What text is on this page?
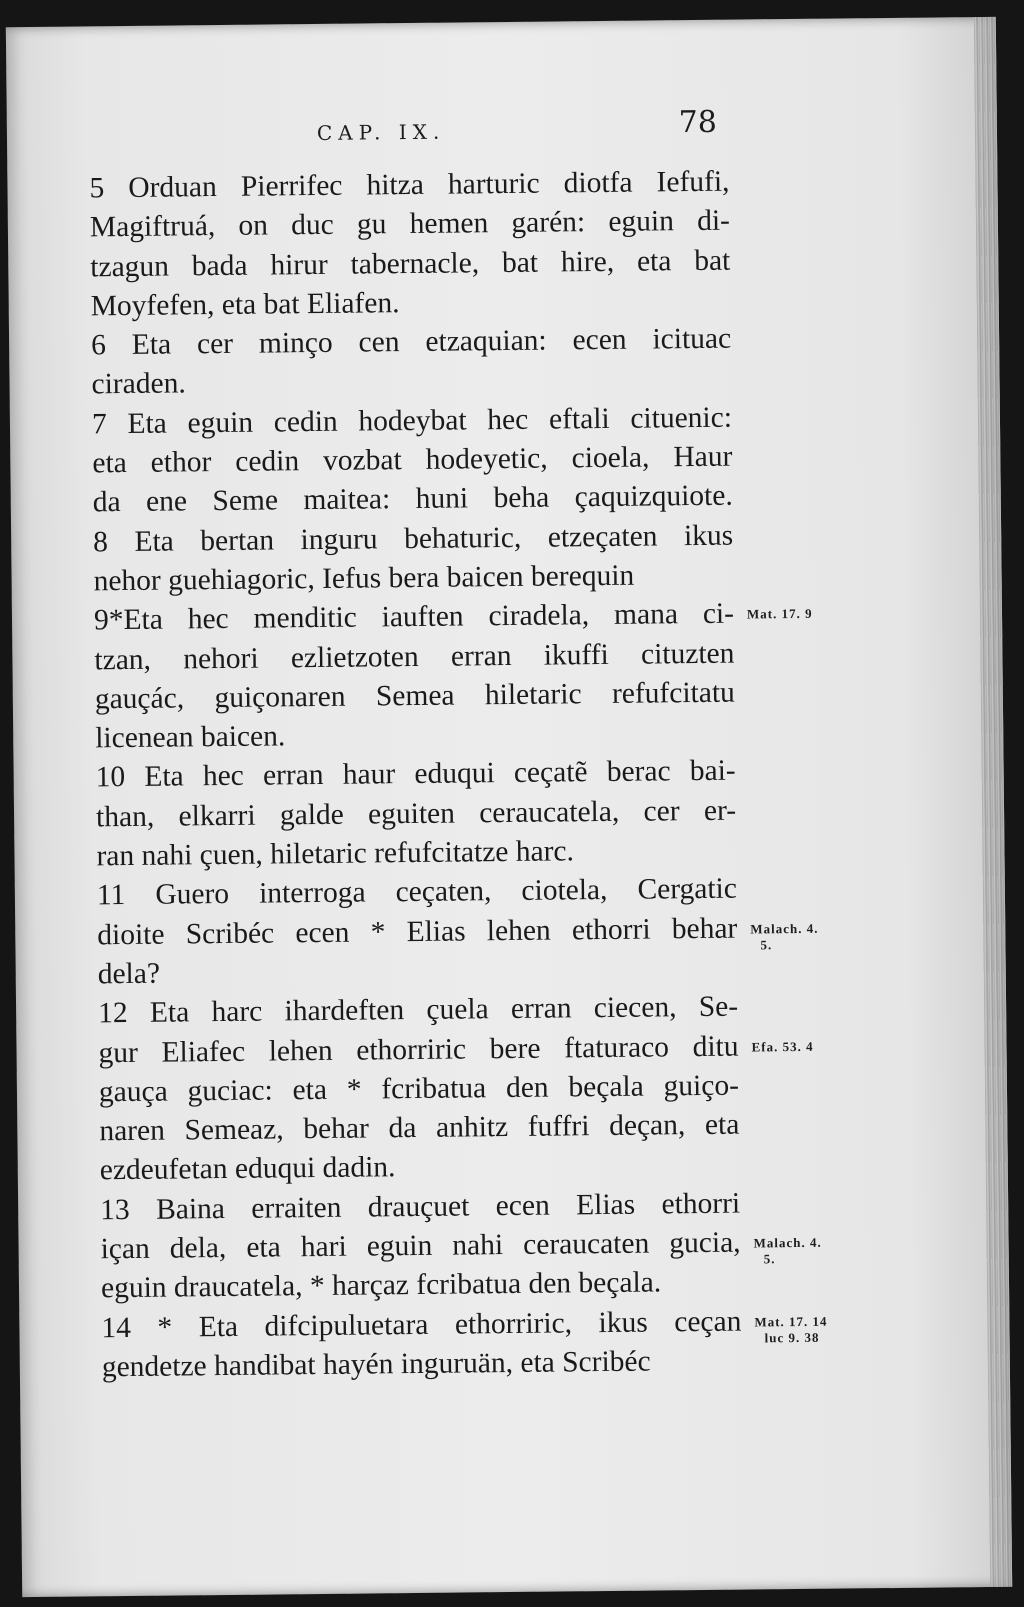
CAP. IX.	78
5 Orduan Pierrifec hitza harturic diotfa Iefufi,
Magiftruá, on duc gu hemen garén: eguin di-
tzagun bada hirur tabernacle, bat hire, eta bat
Moyfefen, eta bat Eliafen.
6 Eta cer minço cen etzaquian: ecen icituac
ciraden.
7 Eta eguin cedin hodeybat hec eftali cituenic:
eta ethor cedin vozbat hodeyetic, cioela, Haur
da ene Seme maitea: huni beha çaquizquiote.
8 Eta bertan inguru behaturic, etzeçaten ikus
nehor guehiagoric, Iefus bera baicen berequin
9*Eta hec menditic iauften ciradela, mana ci-
tzan, nehori ezlietzoten erran ikuffi cituzten
gauçác, guiçonaren Semea hiletaric refufcitatu
licenean baicen.
10 Eta hec erran haur eduqui ceçatẽ berac bai-
than, elkarri galde eguiten ceraucatela, cer er-
ran nahi çuen, hiletaric refufcitatze harc.
11 Guero interroga ceçaten, ciotela, Cergatic
dioite Scribéc ecen * Elias lehen ethorri behar
dela?
12 Eta harc ihardeften çuela erran ciecen, Se-
gur Eliafec lehen ethorriric bere ftaturaco ditu
gauça guciac: eta * fcribatua den beçala guiço-
naren Semeaz, behar da anhitz fuffri deçan, eta
ezdeufetan eduqui dadin.
13 Baina erraiten drauçuet ecen Elias ethorri
içan dela, eta hari eguin nahi ceraucaten gucia,
eguin draucatela, * harçaz fcribatua den beçala.
14 * Eta difcipuluetara ethorriric, ikus ceçan
gendetze handibat hayén inguruän, eta Scribéc
Mat. 17. 9
Malach. 4.
5.
Efa. 53. 4
Malach. 4.
5.
Mat. 17. 14
luc 9. 38
